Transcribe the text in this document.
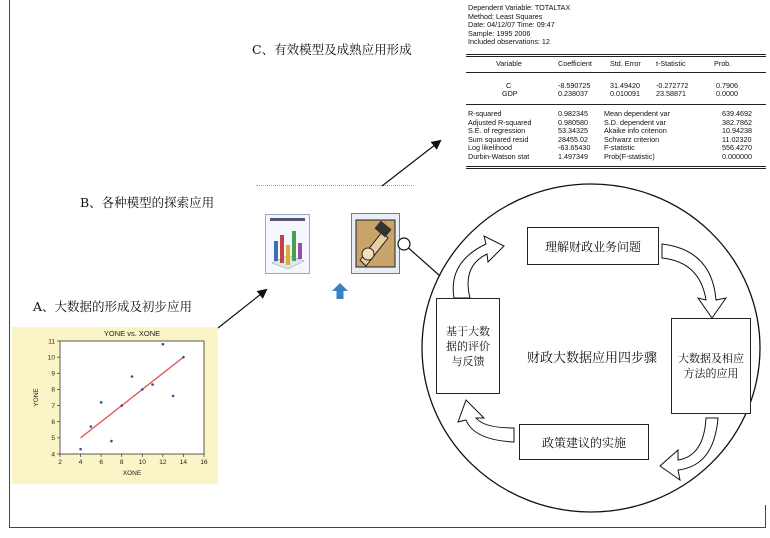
C、有效模型及成熟应用形成
B、各种模型的探索应用
A、大数据的形成及初步应用
Dependent Variable: TOTALTAX
Method: Least Squares
Date: 04/12/07 Time: 09:47
Sample: 1995 2006
Included observations: 12
Variable	Coefficient	Std. Error t-Statistic	Prob.
C	-8.590725	31.49420 -0.272772	0.7906
GDP	0.238037	0.010091 23.58871	0.0000
R-squared	0.982345 Mean dependent var	639.4692
Adjusted R-squared	0.980580 S.D. dependent var	382.7862
S.E. of regression	53.34325 Akaike info criterion	10.94238
Sum squared resid	28455.02 Schwarz criterion	11.02320
Log likelihood	-63.65430 F-statistic	556.4270
Durbin-Watson stat	1.497349 Prob(F-statistic)	0.000000
财政大数据应用四步骤
理解财政业务问题
大数据及相应方法的应用
政策建议的实施
基于大数据的评价与反馈
YONE vs. XONE
2	4	6	8 10 12 14 16
4
5
6
7
8
9
10
11
XONE
YONE
